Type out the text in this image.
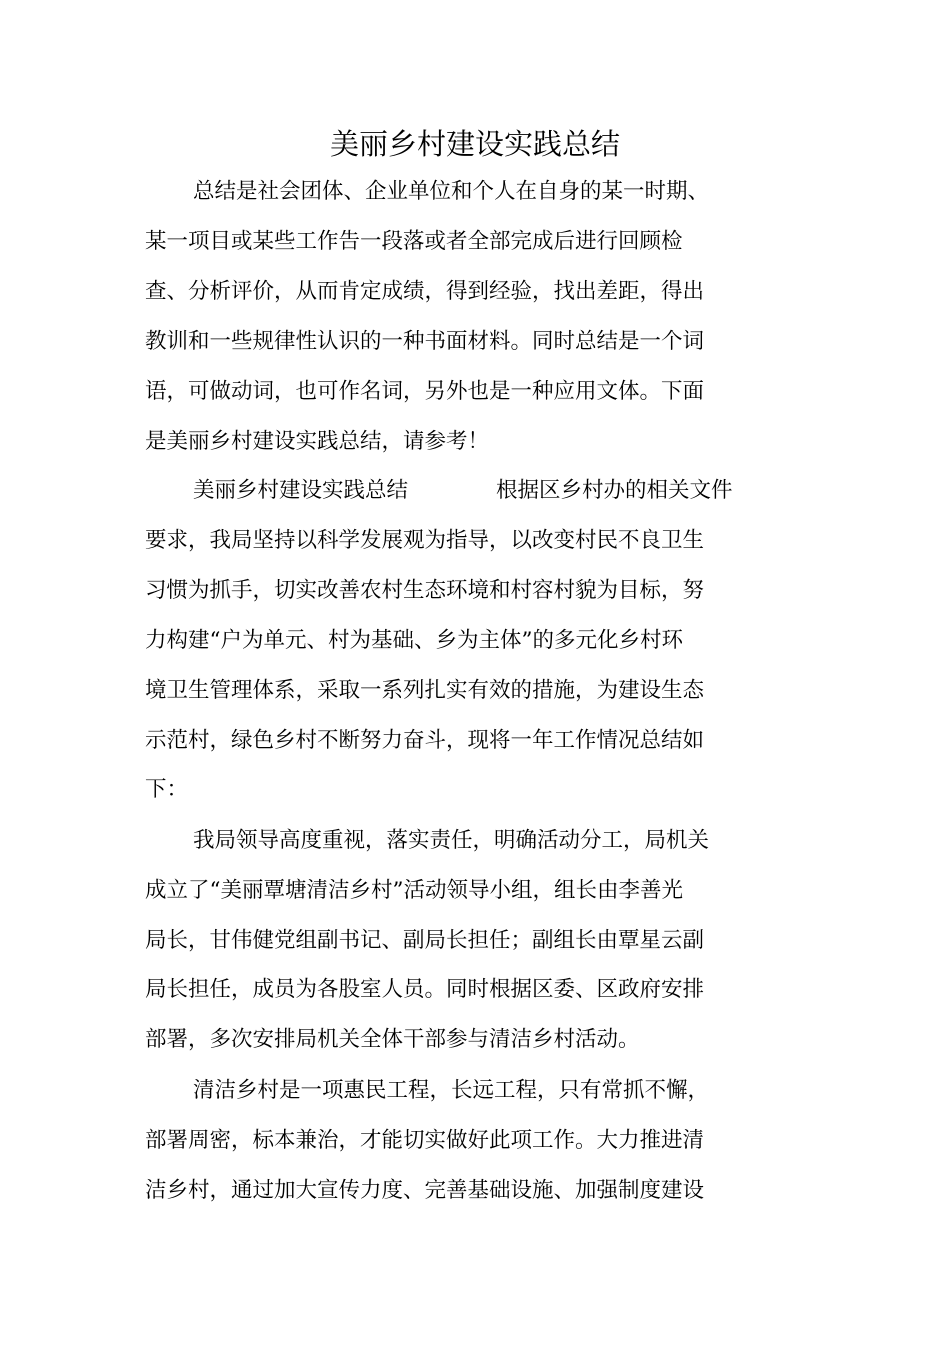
美丽乡村建设实践总结

总结是社会团体、企业单位和个人在自身的某一时期、

某一项目或某些工作告一段落或者全部完成后进行回顾检

查、分析评价，从而肯定成绩，得到经验，找出差距，得出

教训和一些规律性认识的一种书面材料。同时总结是一个词

语，可做动词，也可作名词，另外也是一种应用文体。下面

是美丽乡村建设实践总结，请参考！

美丽乡村建设实践总结	根据区乡村办的相关文件

要求，我局坚持以科学发展观为指导，以改变村民不良卫生

习惯为抓手，切实改善农村生态环境和村容村貌为目标，努

力构建“户为单元、村为基础、乡为主体”的多元化乡村环

境卫生管理体系，采取一系列扎实有效的措施，为建设生态

示范村，绿色乡村不断努力奋斗，现将一年工作情况总结如

下：

我局领导高度重视，落实责任，明确活动分工，局机关

成立了“美丽覃塘清洁乡村”活动领导小组，组长由李善光

局长，甘伟健党组副书记、副局长担任；副组长由覃星云副

局长担任，成员为各股室人员。同时根据区委、区政府安排

部署，多次安排局机关全体干部参与清洁乡村活动。

清洁乡村是一项惠民工程，长远工程，只有常抓不懈，

部署周密，标本兼治，才能切实做好此项工作。大力推进清

洁乡村，通过加大宣传力度、完善基础设施、加强制度建设
